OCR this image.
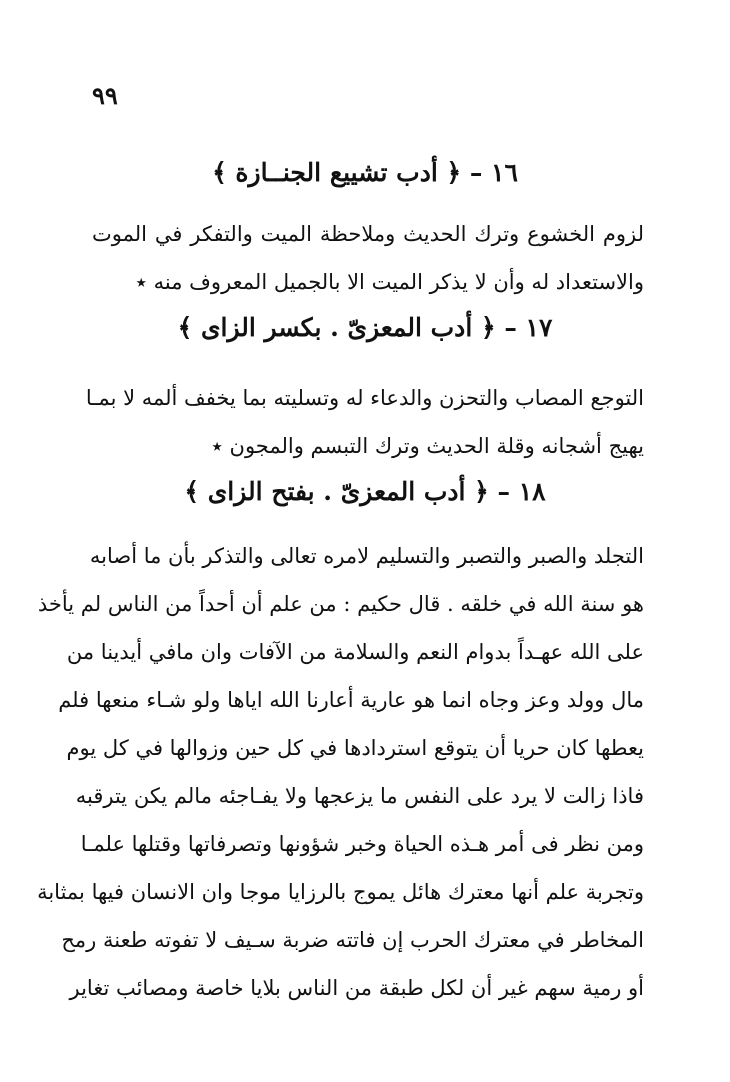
٩٩
١٦ – ﴿ أدب تشييع الجنــازة ﴾
لزوم الخشوع وترك الحديث وملاحظة الميت والتفكر في الموت
والاستعداد له وأن لا يذكر الميت الا بالجميل المعروف منه ٭
١٧ – ﴿ أدب المعزىّ . بكسر الزاى ﴾
التوجع المصاب والتحزن والدعاء له وتسليته بما يخفف ألمه لا بمـا
يهيج أشجانه وقلة الحديث وترك التبسم والمجون ٭
١٨ – ﴿ أدب المعزىّ . بفتح الزاى ﴾
التجلد والصبر والتصبر والتسليم لامره تعالى والتذكر بأن ما أصابه
هو سنة الله في خلقه . قال حكيم : من علم أن أحداً من الناس لم يأخذ
على الله عهـداً بدوام النعم والسلامة من الآفات وان مافي أيدينا من
مال وولد وعز وجاه انما هو عارية أعارنا الله اياها ولو شـاء منعها فلم
يعطها كان حريا أن يتوقع استردادها في كل حين وزوالها في كل يوم
فاذا زالت لا يرد على النفس ما يزعجها ولا يفـاجئه مالم يكن يترقبه
ومن نظر فى أمر هـذه الحياة وخبر شؤونها وتصرفاتها وقتلها علمـا
وتجربة علم أنها معترك هائل يموج بالرزايا موجا وان الانسان فيها بمثابة
المخاطر في معترك الحرب إن فاتته ضربة سـيف لا تفوته طعنة رمح
أو رمية سهم غير أن لكل طبقة من الناس بلايا خاصة ومصائب تغاير
